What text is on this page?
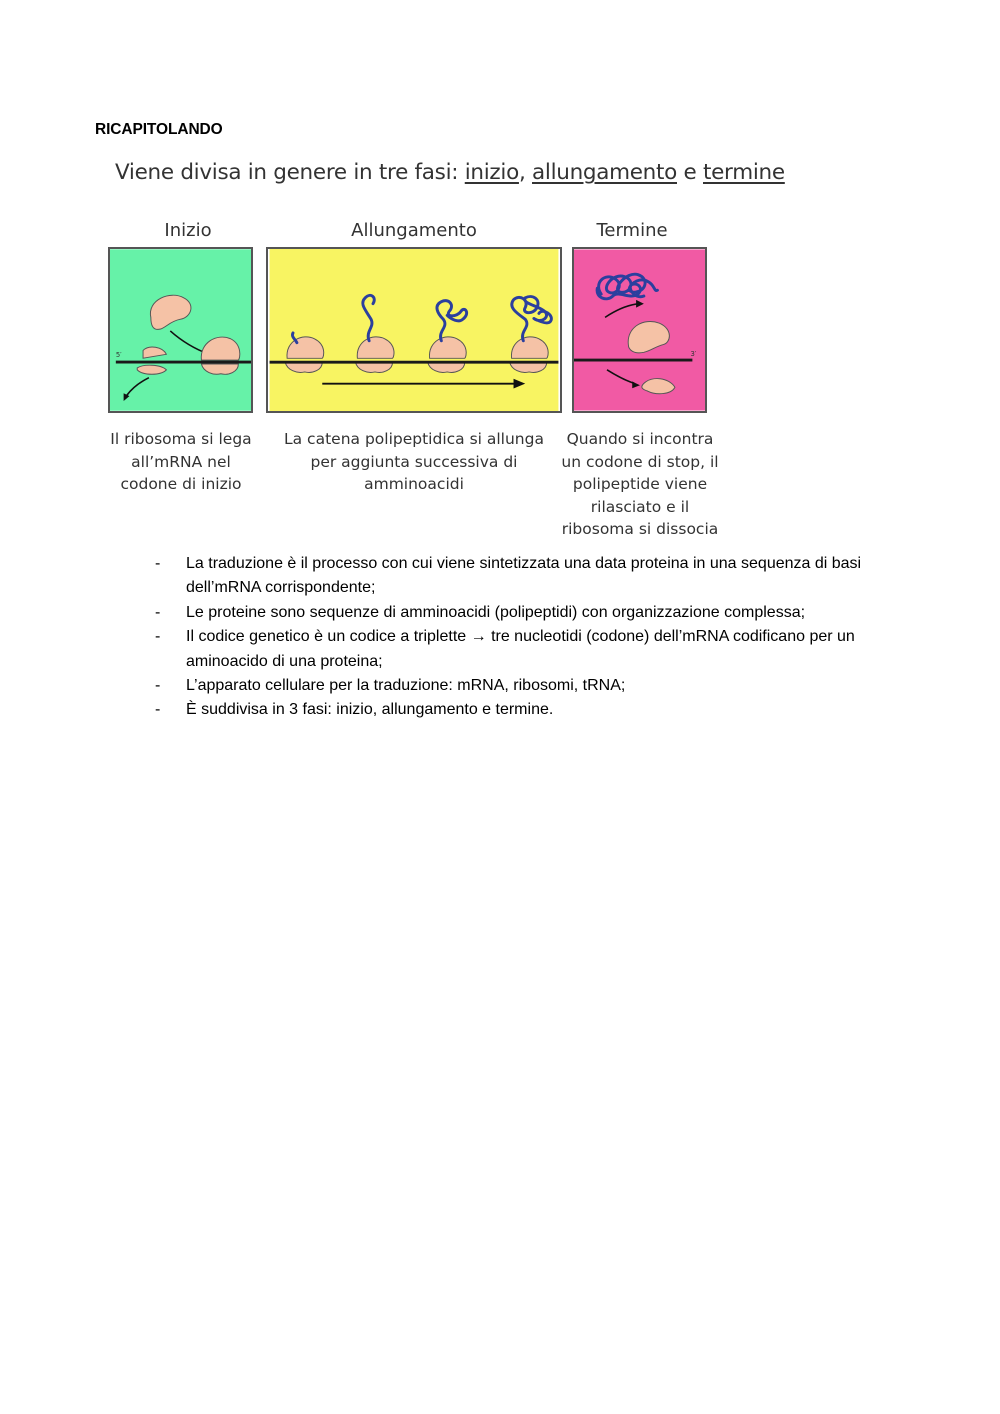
RICAPITOLANDO
Viene divisa in genere in tre fasi: inizio, allungamento e termine
Inizio
5′
Il ribosoma si lega
all’mRNA nel
codone di inizio
Allungamento
La catena polipeptidica si allunga
per aggiunta successiva di
amminoacidi
Termine
3′
Quando si incontra
un codone di stop, il
polipeptide viene
rilasciato e il
ribosoma si dissocia
- La traduzione è il processo con cui viene sintetizzata una data proteina in una sequenza di basi dell’mRNA corrispondente;
- Le proteine sono sequenze di amminoacidi (polipeptidi) con organizzazione complessa;
- Il codice genetico è un codice a triplette → tre nucleotidi (codone) dell’mRNA codificano per un aminoacido di una proteina;
- L’apparato cellulare per la traduzione: mRNA, ribosomi, tRNA;
- È suddivisa in 3 fasi: inizio, allungamento e termine.
